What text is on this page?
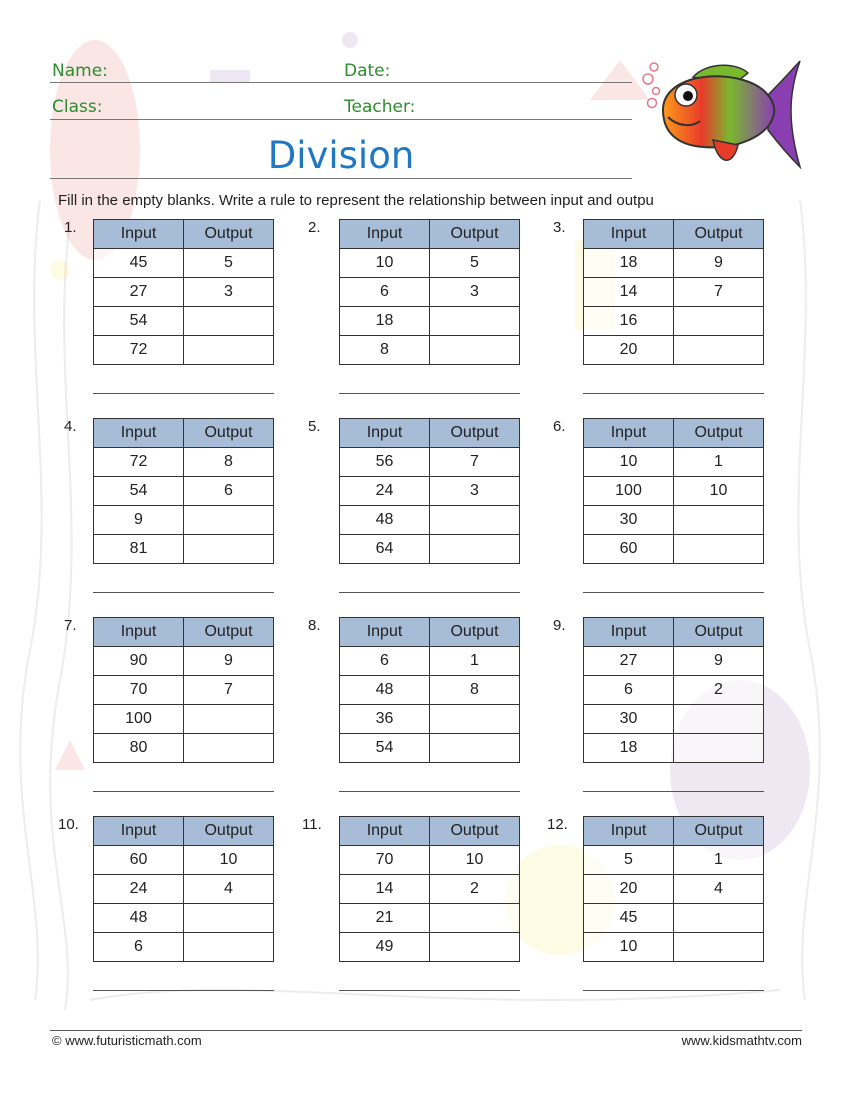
Name:	Date:
Class:	Teacher:
Division
Fill in the empty blanks. Write a rule to represent the relationship between input and outpu
1.	Input	Output
45	5
27	3
54	
72	
2.	Input	Output
10	5
6	3
18	
8	
3.	Input	Output
18	9
14	7
16	
20	
4.	Input	Output
72	8
54	6
9	
81	
5.	Input	Output
56	7
24	3
48	
64	
6.	Input	Output
10	1
100	10
30	
60	
7.	Input	Output
90	9
70	7
100	
80	
8.	Input	Output
6	1
48	8
36	
54	
9.	Input	Output
27	9
6	2
30	
18	
10.	Input	Output
60	10
24	4
48	
6	
11.	Input	Output
70	10
14	2
21	
49	
12.	Input	Output
5	1
20	4
45	
10	
© www.futuristicmath.com	www.kidsmathtv.com
